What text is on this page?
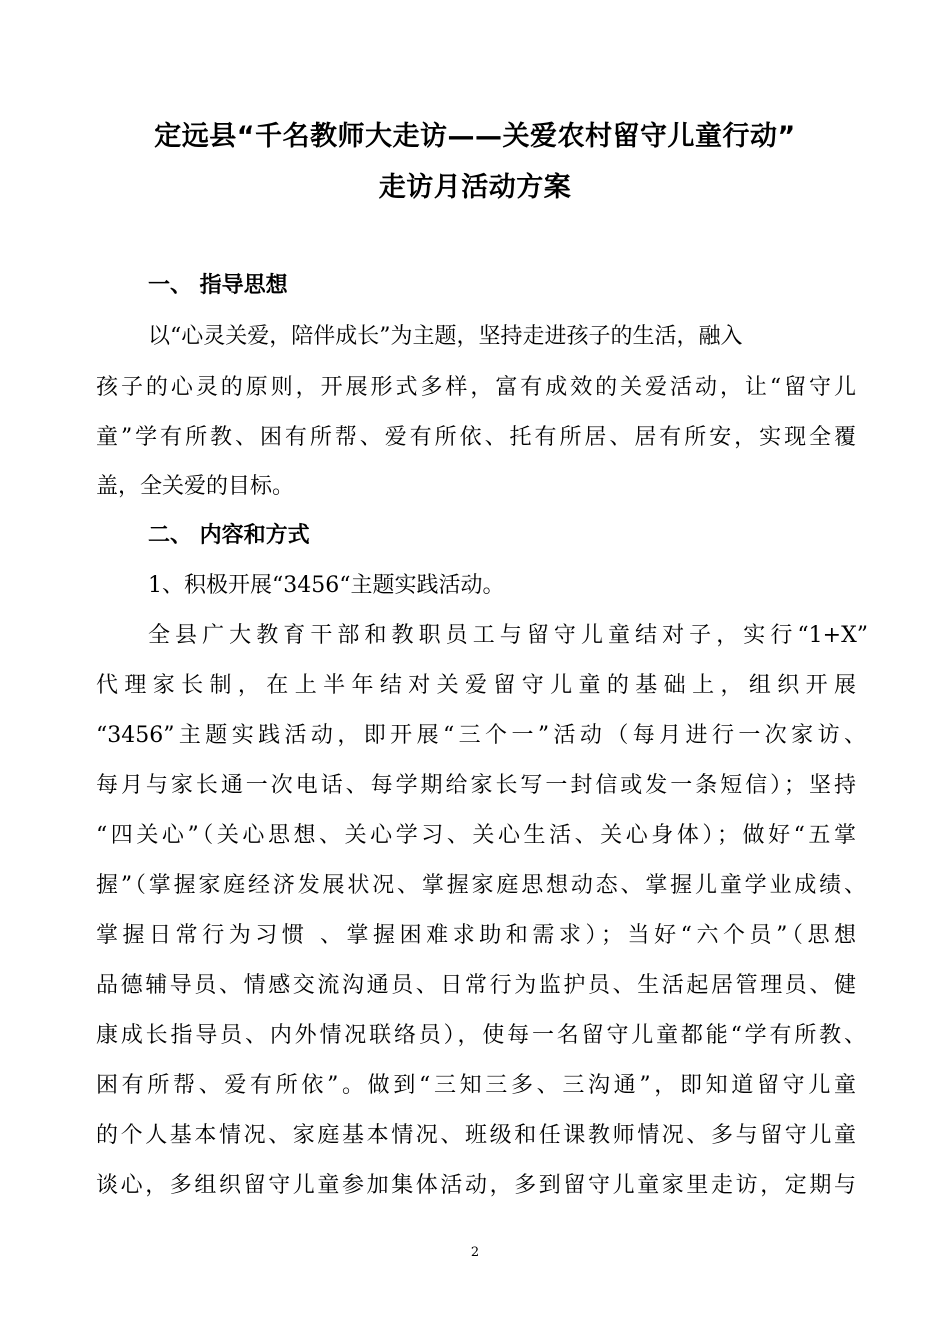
定远县“千名教师大走访——关爱农村留守儿童行动”
走访月活动方案
一、 指导思想
以“心灵关爱，陪伴成长”为主题，坚持走进孩子的生活，融入
孩子的心灵的原则，开展形式多样，富有成效的关爱活动，让“留守儿
童”学有所教、困有所帮、爱有所依、托有所居、居有所安，实现全覆
盖，全关爱的目标。
二、 内容和方式
1、积极开展“3456“主题实践活动。
全县广大教育干部和教职员工与留守儿童结对子，实行“1+X”
代理家长制，在上半年结对关爱留守儿童的基础上，组织开展
“3456”主题实践活动，即开展“三个一”活动（每月进行一次家访、
每月与家长通一次电话、每学期给家长写一封信或发一条短信）；坚持
“四关心”（关心思想、关心学习、关心生活、关心身体）；做好“五掌
握”（掌握家庭经济发展状况、掌握家庭思想动态、掌握儿童学业成绩、
掌握日常行为习惯 、掌握困难求助和需求）；当好“六个员”（思想
品德辅导员、情感交流沟通员、日常行为监护员、生活起居管理员、健
康成长指导员、内外情况联络员），使每一名留守儿童都能“学有所教、
困有所帮、爱有所依”。做到“三知三多、三沟通”，即知道留守儿童
的个人基本情况、家庭基本情况、班级和任课教师情况、多与留守儿童
谈心，多组织留守儿童参加集体活动，多到留守儿童家里走访，定期与
2
